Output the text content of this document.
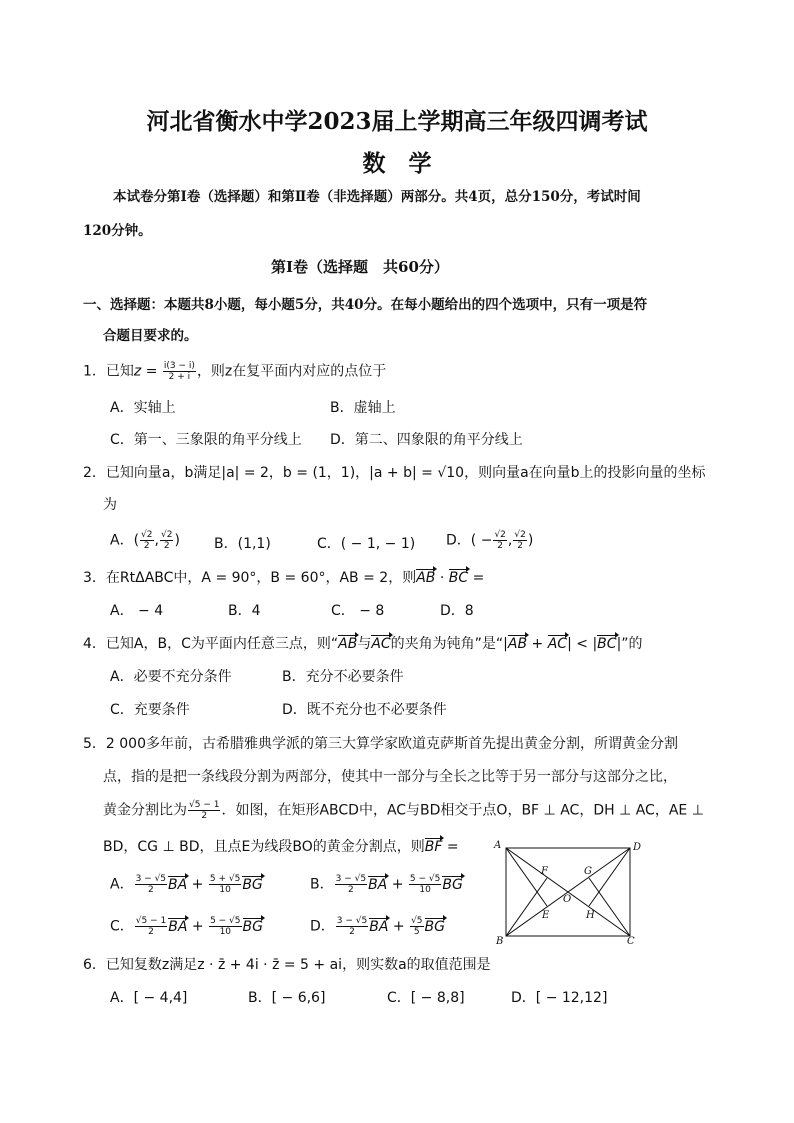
河北省衡水中学2023届上学期高三年级四调考试
数　学
本试卷分第Ⅰ卷（选择题）和第Ⅱ卷（非选择题）两部分。共4页，总分150分，考试时间
120分钟。
第Ⅰ卷（选择题　共60分）
一、选择题：本题共8小题，每小题5分，共40分。在每小题给出的四个选项中，只有一项是符
合题目要求的。
1．已知$z = \frac{i(3 - i)}{2 + i}$ ，则z在复平面内对应的点位于
A．实轴上	B．虚轴上
C．第一、三象限的角平分线上 D．第二、四象限的角平分线上
2．已知向量a，b满足|a| = 2，b = (1，1)，|a + b| = √10，则向量a在向量b上的投影向量的坐标
为
A．( $\frac{√2}{2}$ , $\frac{√2}{2}$ ) B．(1,1)	C．( − 1, − 1) D．( − $\frac{√2}{2}$ , $\frac{√2}{2}$ )
3．在RtΔABC中，A = 90°，B = 60°，AB = 2，则AB · BC =
A． − 4	B．4	C． − 8	D．8
4．已知A，B，C为平面内任意三点，则“AB与AC的夹角为钝角”是“|AB + AC| < |BC|”的
A．必要不充分条件	B．充分不必要条件
C．充要条件	D．既不充分也不必要条件
5．2 000多年前，古希腊雅典学派的第三大算学家欧道克萨斯首先提出黄金分割，所谓黄金分割
点，指的是把一条线段分割为两部分，使其中一部分与全长之比等于另一部分与这部分之比，
黄金分割比为 $\frac{√5 - 1}{2}$ ．如图，在矩形ABCD中，AC与BD相交于点O，BF ⊥ AC，DH ⊥ AC，AE ⊥
BD，CG ⊥ BD，且点E为线段BO的黄金分割点，则BF =
A． $\frac{3 - √5}{2}$ BA + $\frac{5 + √5}{10}$ BG	B． $\frac{3 - √5}{2}$ BA + $\frac{5 - √5}{10}$ BG
C． $\frac{√5 - 1}{2}$ BA + $\frac{5 - √5}{10}$ BG	D． $\frac{3 - √5}{2}$ BA + $\frac{√5}{5}$ BG
A	D
B	C
F	G
O
E	H
6．已知复数z满足z · z̄ + 4i · z̄ = 5 + ai，则实数a的取值范围是
A．[ − 4,4]	B．[ − 6,6]	C．[ − 8,8]	D．[ − 12,12]
